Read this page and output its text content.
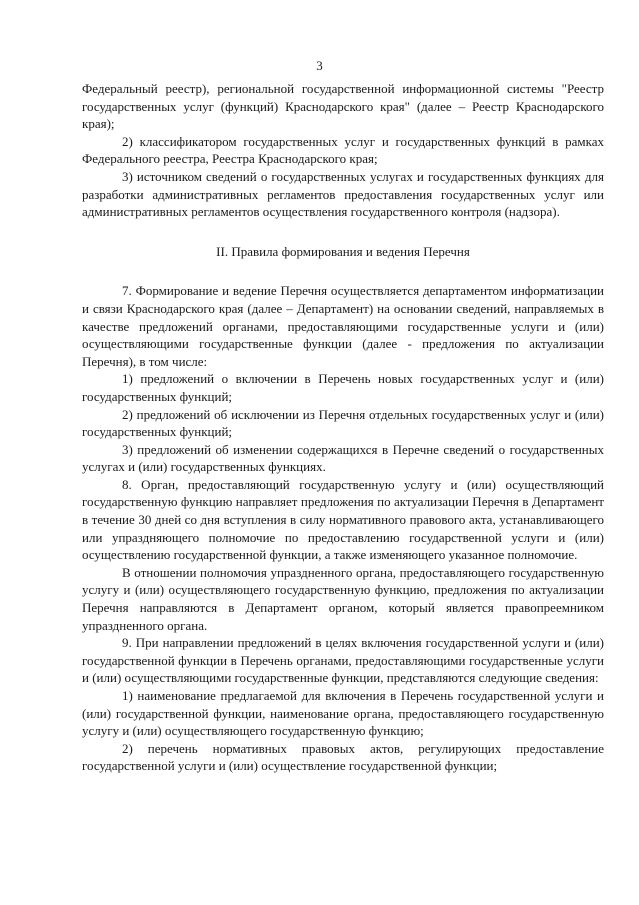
3

Федеральный реестр), региональной государственной информационной системы "Реестр государственных услуг (функций) Краснодарского края" (далее – Реестр Краснодарского края);

2) классификатором государственных услуг и государственных функций в рамках Федерального реестра, Реестра Краснодарского края;

3) источником сведений о государственных услугах и государственных функциях для разработки административных регламентов предоставления государственных услуг или административных регламентов осуществления государственного контроля (надзора).

II. Правила формирования и ведения Перечня

7. Формирование и ведение Перечня осуществляется департаментом информатизации и связи Краснодарского края (далее – Департамент) на основании сведений, направляемых в качестве предложений органами, предоставляющими государственные услуги и (или) осуществляющими государственные функции (далее - предложения по актуализации Перечня), в том числе:

1) предложений о включении в Перечень новых государственных услуг и (или) государственных функций;

2) предложений об исключении из Перечня отдельных государственных услуг и (или) государственных функций;

3) предложений об изменении содержащихся в Перечне сведений о государственных услугах и (или) государственных функциях.

8. Орган, предоставляющий государственную услугу и (или) осуществляющий государственную функцию направляет предложения по актуализации Перечня в Департамент в течение 30 дней со дня вступления в силу нормативного правового акта, устанавливающего или упраздняющего полномочие по предоставлению государственной услуги и (или) осуществлению государственной функции, а также изменяющего указанное полномочие.

В отношении полномочия упраздненного органа, предоставляющего государственную услугу и (или) осуществляющего государственную функцию, предложения по актуализации Перечня направляются в Департамент органом, который является правопреемником упраздненного органа.

9. При направлении предложений в целях включения государственной услуги и (или) государственной функции в Перечень органами, предоставляющими государственные услуги и (или) осуществляющими государственные функции, представляются следующие сведения:

1) наименование предлагаемой для включения в Перечень государственной услуги и (или) государственной функции, наименование органа, предоставляющего государственную услугу и (или) осуществляющего государственную функцию;

2) перечень нормативных правовых актов, регулирующих предоставление государственной услуги и (или) осуществление государственной функции;
